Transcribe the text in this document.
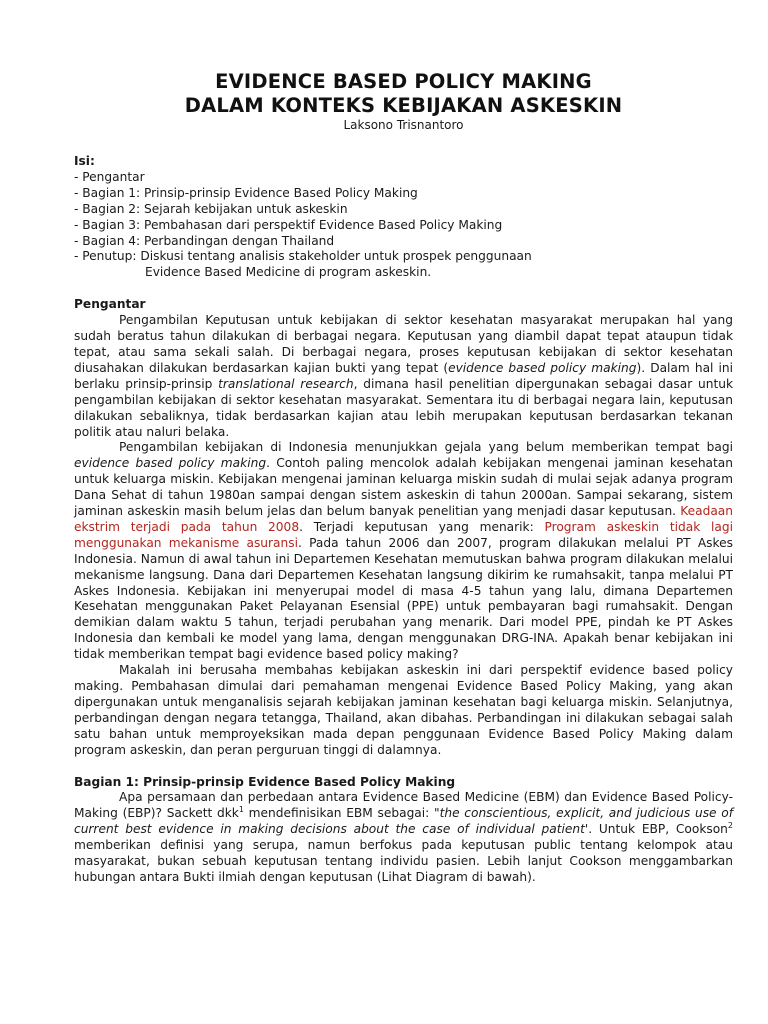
EVIDENCE BASED POLICY MAKING
DALAM KONTEKS KEBIJAKAN ASKESKIN
Laksono Trisnantoro
Isi:
- Pengantar
- Bagian 1: Prinsip-prinsip Evidence Based Policy Making
- Bagian 2: Sejarah kebijakan untuk askeskin
- Bagian 3: Pembahasan dari perspektif Evidence Based Policy Making
- Bagian 4: Perbandingan dengan Thailand
- Penutup: Diskusi tentang analisis stakeholder untuk prospek penggunaan
Evidence Based Medicine di program askeskin.
Pengantar

Pengambilan Keputusan untuk kebijakan di sektor kesehatan masyarakat merupakan hal yang sudah beratus tahun dilakukan di berbagai negara. Keputusan yang diambil dapat tepat ataupun tidak tepat, atau sama sekali salah. Di berbagai negara, proses keputusan kebijakan di sektor kesehatan diusahakan dilakukan berdasarkan kajian bukti yang tepat (evidence based policy making). Dalam hal ini berlaku prinsip-prinsip translational research, dimana hasil penelitian dipergunakan sebagai dasar untuk pengambilan kebijakan di sektor kesehatan masyarakat. Sementara itu di berbagai negara lain, keputusan dilakukan sebaliknya, tidak berdasarkan kajian atau lebih merupakan keputusan berdasarkan tekanan politik atau naluri belaka.

Pengambilan kebijakan di Indonesia menunjukkan gejala yang belum memberikan tempat bagi evidence based policy making. Contoh paling mencolok adalah kebijakan mengenai jaminan kesehatan untuk keluarga miskin. Kebijakan mengenai jaminan keluarga miskin sudah di mulai sejak adanya program Dana Sehat di tahun 1980an sampai dengan sistem askeskin di tahun 2000an. Sampai sekarang, sistem jaminan askeskin masih belum jelas dan belum banyak penelitian yang menjadi dasar keputusan. Keadaan ekstrim terjadi pada tahun 2008. Terjadi keputusan yang menarik: Program askeskin tidak lagi menggunakan mekanisme asuransi. Pada tahun 2006 dan 2007, program dilakukan melalui PT Askes Indonesia. Namun di awal tahun ini Departemen Kesehatan memutuskan bahwa program dilakukan melalui mekanisme langsung. Dana dari Departemen Kesehatan langsung dikirim ke rumahsakit, tanpa melalui PT Askes Indonesia. Kebijakan ini menyerupai model di masa 4-5 tahun yang lalu, dimana Departemen Kesehatan menggunakan Paket Pelayanan Esensial (PPE) untuk pembayaran bagi rumahsakit. Dengan demikian dalam waktu 5 tahun, terjadi perubahan yang menarik. Dari model PPE, pindah ke PT Askes Indonesia dan kembali ke model yang lama, dengan menggunakan DRG-INA. Apakah benar kebijakan ini tidak memberikan tempat bagi evidence based policy making?

Makalah ini berusaha membahas kebijakan askeskin ini dari perspektif evidence based policy making. Pembahasan dimulai dari pemahaman mengenai Evidence Based Policy Making, yang akan dipergunakan untuk menganalisis sejarah kebijakan jaminan kesehatan bagi keluarga miskin. Selanjutnya, perbandingan dengan negara tetangga, Thailand, akan dibahas. Perbandingan ini dilakukan sebagai salah satu bahan untuk memproyeksikan mada depan penggunaan Evidence Based Policy Making dalam program askeskin, dan peran perguruan tinggi di dalamnya.

Bagian 1: Prinsip-prinsip Evidence Based Policy Making

Apa persamaan dan perbedaan antara Evidence Based Medicine (EBM) dan Evidence Based Policy-Making (EBP)? Sackett dkk$^1$ mendefinisikan EBM sebagai: "the conscientious, explicit, and judicious use of current best evidence in making decisions about the case of individual patient'. Untuk EBP, Cookson$^2$ memberikan definisi yang serupa, namun berfokus pada keputusan public tentang kelompok atau masyarakat, bukan sebuah keputusan tentang individu pasien. Lebih lanjut Cookson menggambarkan hubungan antara Bukti ilmiah dengan keputusan (Lihat Diagram di bawah).
